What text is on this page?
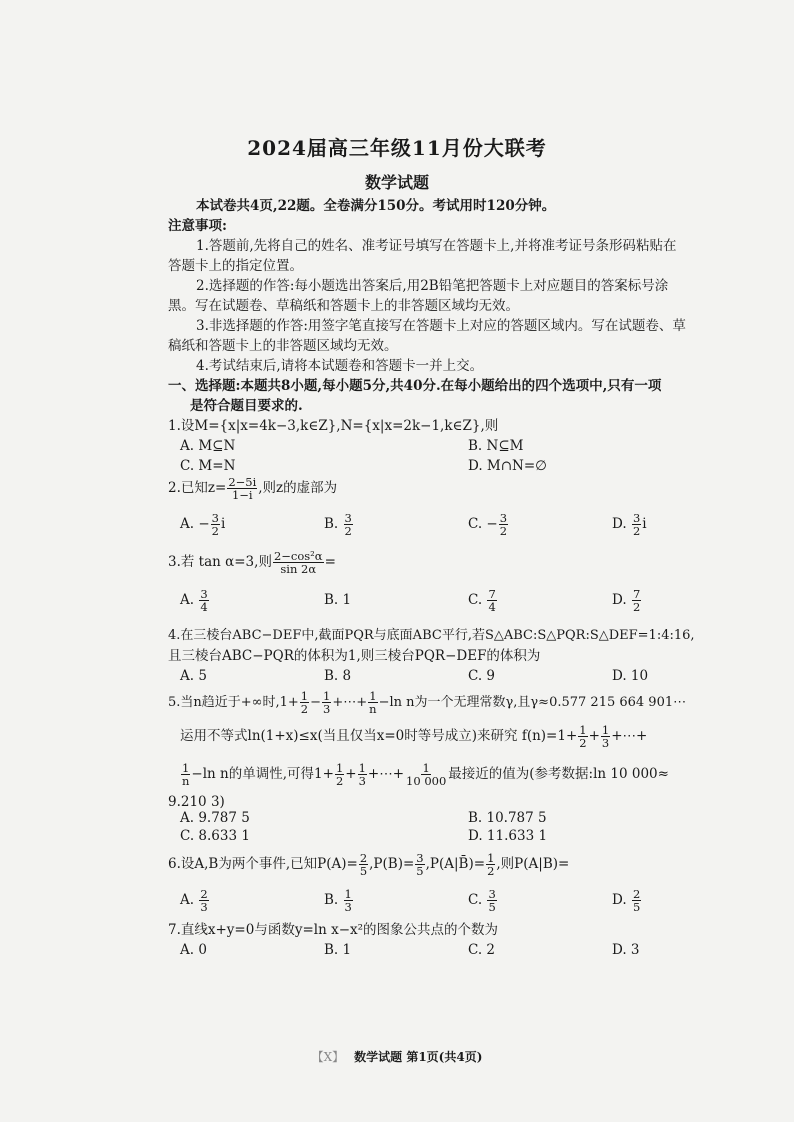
2024届高三年级11月份大联考
数学试题
本试卷共4页,22题。全卷满分150分。考试用时120分钟。
注意事项:
1.答题前,先将自己的姓名、准考证号填写在答题卡上,并将准考证号条形码粘贴在
答题卡上的指定位置。
2.选择题的作答:每小题选出答案后,用2B铅笔把答题卡上对应题目的答案标号涂
黑。写在试题卷、草稿纸和答题卡上的非答题区域均无效。
3.非选择题的作答:用签字笔直接写在答题卡上对应的答题区域内。写在试题卷、草
稿纸和答题卡上的非答题区域均无效。
4.考试结束后,请将本试题卷和答题卡一并上交。
一、选择题:本题共8小题,每小题5分,共40分.在每小题给出的四个选项中,只有一项
是符合题目要求的.
1.设M={x|x=4k−3,k∈Z},N={x|x=2k−1,k∈Z},则
A. M⊆N	B. N⊆M
C. M=N	D. M∩N=∅
2.已知$z= \frac{2-5i}{1-i}$ ,则z的虚部为
A. − $\frac{3}{2}$ i	B. $\frac{3}{2}$	C. − $\frac{3}{2}$	D. $\frac{3}{2}$ i
3.若 tan α=3,则 $\frac{\text{2−cos²α}}{\sin 2\alpha}$ =
A. $\frac{3}{4}$	B. 1	C. $\frac{7}{4}$	D. $\frac{7}{2}$
4.在三棱台ABC−DEF中,截面PQR与底面ABC平行,若S△ABC:S△PQR:S△DEF=1:4:16,
且三棱台ABC−PQR的体积为1,则三棱台PQR−DEF的体积为
A. 5	B. 8	C. 9	D. 10
5.当n趋近于+∞时$,1+ \frac{1}{2} - \frac{1}{3}$ +⋯+ $\frac{1}{n} -\ln$ n为一个无理常数γ,且γ≈0.577 215 664 901⋯
运用不等式ln(1+x)≤x(当且仅当x=0时等号成立)来研究 $f(n)=1+ \frac{1}{2} + \frac{1}{3}$ +⋯+
$\frac{1}{n} -\ln$ n的单调性,可得$1+ \frac{1}{2} + \frac{1}{3}$ +⋯+ $\frac{1}{10 000}$ 最接近的值为(参考数据:ln 10 000≈
9.210 3)
A. 9.787 5	B. 10.787 5
C. 8.633 1	D. 11.633 1
6.设A,B为两个事件,已知$P(A)= \frac{2}{5} ,P(B)= \frac{3}{5}$ ,P(A|B̄)= $\frac{1}{2}$ ,则P(A|B)=
A. $\frac{2}{3}$	B. $\frac{1}{3}$	C. $\frac{3}{5}$	D. $\frac{2}{5}$
7.直线x+y=0与函数y=ln x−x²的图象公共点的个数为
A. 0	B. 1	C. 2	D. 3
【X】 数学试题 第1页(共4页)
